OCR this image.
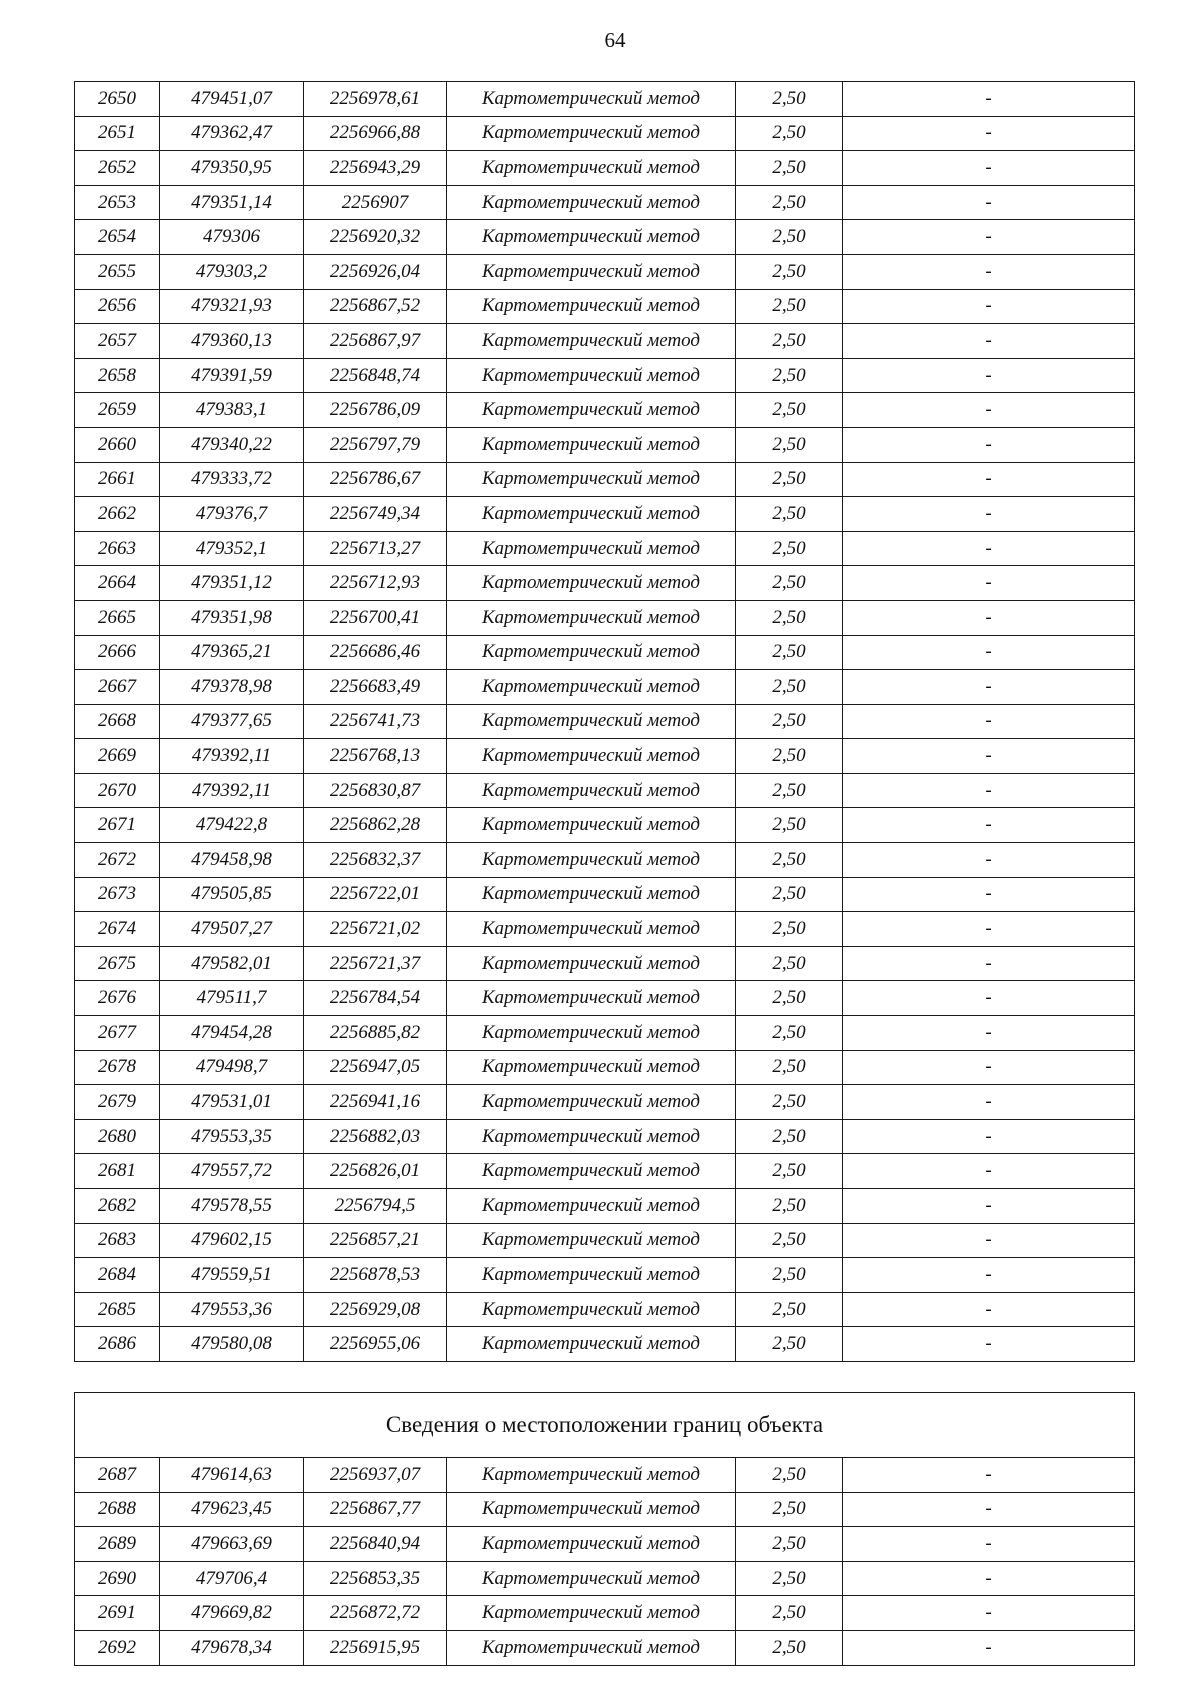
64
2650	479451,07	2256978,61	Картометрический метод	2,50	-
2651	479362,47	2256966,88	Картометрический метод	2,50	-
2652	479350,95	2256943,29	Картометрический метод	2,50	-
2653	479351,14	2256907	Картометрический метод	2,50	-
2654	479306	2256920,32	Картометрический метод	2,50	-
2655	479303,2	2256926,04	Картометрический метод	2,50	-
2656	479321,93	2256867,52	Картометрический метод	2,50	-
2657	479360,13	2256867,97	Картометрический метод	2,50	-
2658	479391,59	2256848,74	Картометрический метод	2,50	-
2659	479383,1	2256786,09	Картометрический метод	2,50	-
2660	479340,22	2256797,79	Картометрический метод	2,50	-
2661	479333,72	2256786,67	Картометрический метод	2,50	-
2662	479376,7	2256749,34	Картометрический метод	2,50	-
2663	479352,1	2256713,27	Картометрический метод	2,50	-
2664	479351,12	2256712,93	Картометрический метод	2,50	-
2665	479351,98	2256700,41	Картометрический метод	2,50	-
2666	479365,21	2256686,46	Картометрический метод	2,50	-
2667	479378,98	2256683,49	Картометрический метод	2,50	-
2668	479377,65	2256741,73	Картометрический метод	2,50	-
2669	479392,11	2256768,13	Картометрический метод	2,50	-
2670	479392,11	2256830,87	Картометрический метод	2,50	-
2671	479422,8	2256862,28	Картометрический метод	2,50	-
2672	479458,98	2256832,37	Картометрический метод	2,50	-
2673	479505,85	2256722,01	Картометрический метод	2,50	-
2674	479507,27	2256721,02	Картометрический метод	2,50	-
2675	479582,01	2256721,37	Картометрический метод	2,50	-
2676	479511,7	2256784,54	Картометрический метод	2,50	-
2677	479454,28	2256885,82	Картометрический метод	2,50	-
2678	479498,7	2256947,05	Картометрический метод	2,50	-
2679	479531,01	2256941,16	Картометрический метод	2,50	-
2680	479553,35	2256882,03	Картометрический метод	2,50	-
2681	479557,72	2256826,01	Картометрический метод	2,50	-
2682	479578,55	2256794,5	Картометрический метод	2,50	-
2683	479602,15	2256857,21	Картометрический метод	2,50	-
2684	479559,51	2256878,53	Картометрический метод	2,50	-
2685	479553,36	2256929,08	Картометрический метод	2,50	-
2686	479580,08	2256955,06	Картометрический метод	2,50	-
Сведения о местоположении границ объекта					
2687	479614,63	2256937,07	Картометрический метод	2,50	-
2688	479623,45	2256867,77	Картометрический метод	2,50	-
2689	479663,69	2256840,94	Картометрический метод	2,50	-
2690	479706,4	2256853,35	Картометрический метод	2,50	-
2691	479669,82	2256872,72	Картометрический метод	2,50	-
2692	479678,34	2256915,95	Картометрический метод	2,50	-
